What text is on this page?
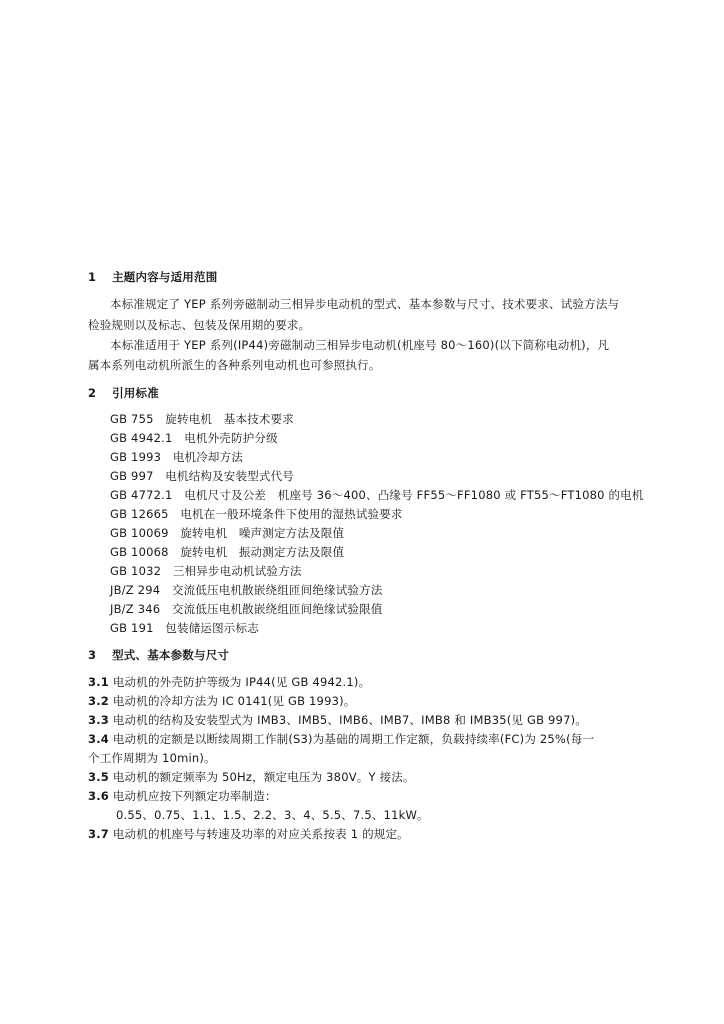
1　 主题内容与适用范围
本标准规定了 YEP 系列旁磁制动三相异步电动机的型式、基本参数与尺寸、技术要求、试验方法与
检验规则以及标志、包装及保用期的要求。
本标准适用于 YEP 系列(IP44)旁磁制动三相异步电动机(机座号 80～160)(以下简称电动机)，凡
属本系列电动机所派生的各种系列电动机也可参照执行。
2　 引用标准
GB 755　旋转电机　基本技术要求
GB 4942.1　电机外壳防护分级
GB 1993　电机冷却方法
GB 997　电机结构及安装型式代号
GB 4772.1　电机尺寸及公差　机座号 36～400、凸缘号 FF55～FF1080 或 FT55～FT1080 的电机
GB 12665　电机在一般环境条件下使用的湿热试验要求
GB 10069　旋转电机　噪声测定方法及限值
GB 10068　旋转电机　振动测定方法及限值
GB 1032　三相异步电动机试验方法
JB/Z 294　交流低压电机散嵌绕组匝间绝缘试验方法
JB/Z 346　交流低压电机散嵌绕组匝间绝缘试验限值
GB 191　包装储运图示标志
3　 型式、基本参数与尺寸
3.1 电动机的外壳防护等级为 IP44(见 GB 4942.1)。
3.2 电动机的冷却方法为 IC 0141(见 GB 1993)。
3.3 电动机的结构及安装型式为 IMB3、IMB5、IMB6、IMB7、IMB8 和 IMB35(见 GB 997)。
3.4 电动机的定额是以断续周期工作制(S3)为基础的周期工作定额，负载持续率(FC)为 25%(每一
个工作周期为 10min)。
3.5 电动机的额定频率为 50Hz，额定电压为 380V。Y 接法。
3.6 电动机应按下列额定功率制造：
0.55、0.75、1.1、1.5、2.2、3、4、5.5、7.5、11kW。
3.7 电动机的机座号与转速及功率的对应关系按表 1 的规定。
